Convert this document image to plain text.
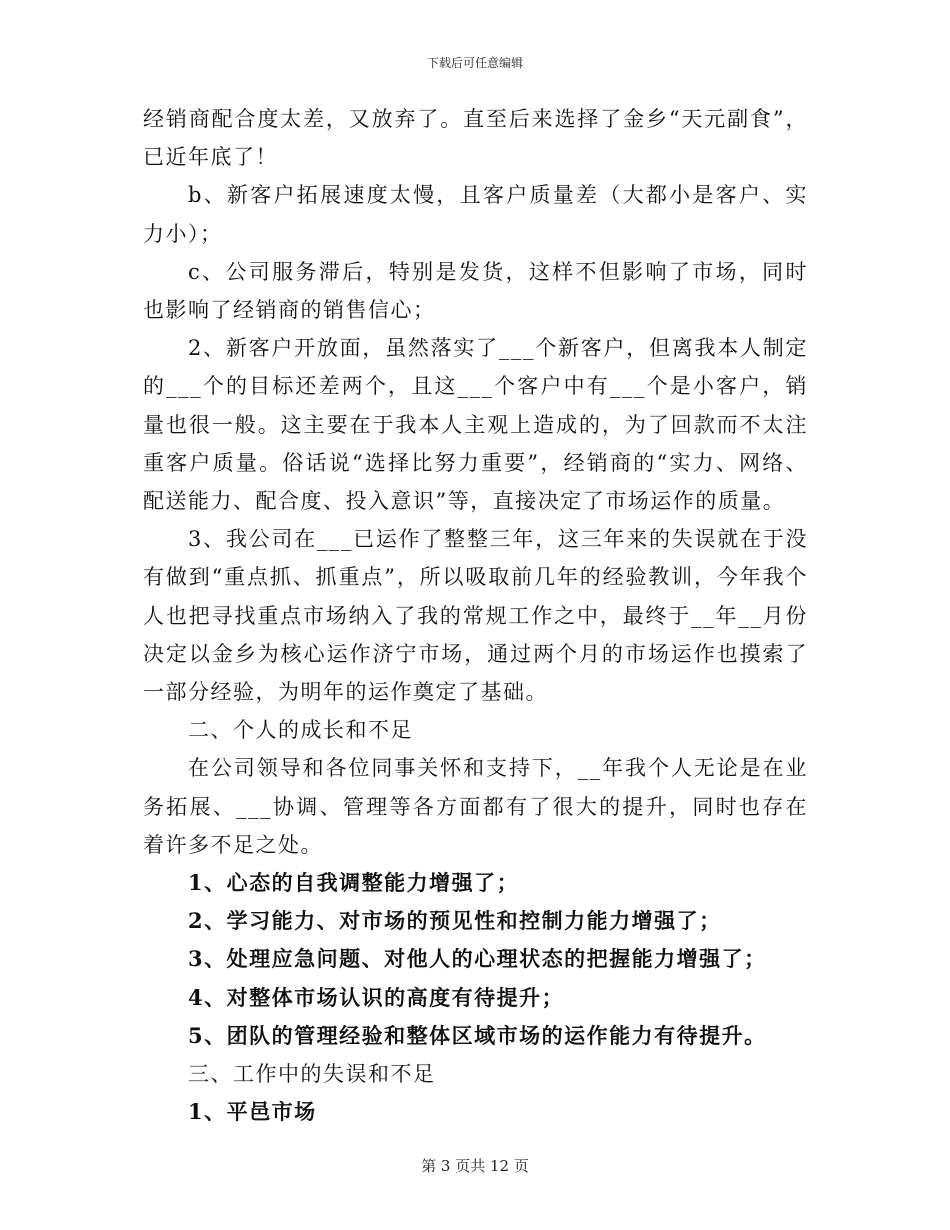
下载后可任意编辑

经销商配合度太差，又放弃了。直至后来选择了金乡“天元副食”，已近年底了！

b、新客户拓展速度太慢，且客户质量差（大都小是客户、实力小）；

c、公司服务滞后，特别是发货，这样不但影响了市场，同时也影响了经销商的销售信心；

2、新客户开放面，虽然落实了___个新客户，但离我本人制定的___个的目标还差两个，且这___个客户中有___个是小客户，销量也很一般。这主要在于我本人主观上造成的，为了回款而不太注重客户质量。俗话说“选择比努力重要”，经销商的“实力、网络、配送能力、配合度、投入意识”等，直接决定了市场运作的质量。

3、我公司在___已运作了整整三年，这三年来的失误就在于没有做到“重点抓、抓重点”，所以吸取前几年的经验教训，今年我个人也把寻找重点市场纳入了我的常规工作之中，最终于__年__月份决定以金乡为核心运作济宁市场，通过两个月的市场运作也摸索了一部分经验，为明年的运作奠定了基础。

二、个人的成长和不足

在公司领导和各位同事关怀和支持下，__年我个人无论是在业务拓展、___协调、管理等各方面都有了很大的提升，同时也存在着许多不足之处。

1、心态的自我调整能力增强了；

2、学习能力、对市场的预见性和控制力能力增强了；

3、处理应急问题、对他人的心理状态的把握能力增强了；

4、对整体市场认识的高度有待提升；

5、团队的管理经验和整体区域市场的运作能力有待提升。

三、工作中的失误和不足

1、平邑市场

第 3 页共 12 页
